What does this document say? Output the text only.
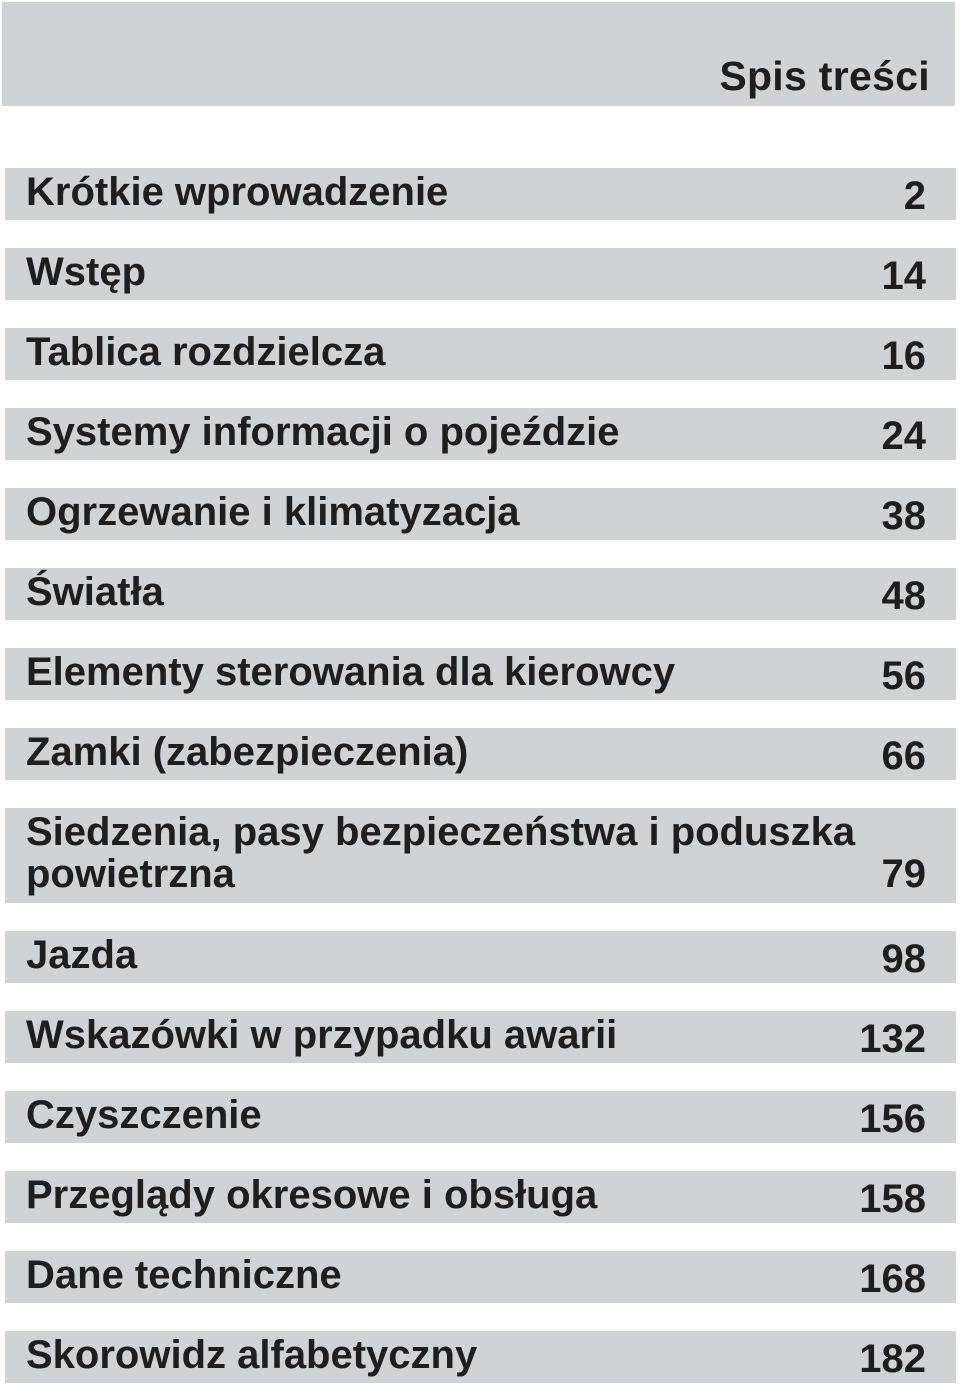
Spis treści
Krótkie wprowadzenie	2
Wstęp	14
Tablica rozdzielcza	16
Systemy informacji o pojeździe	24
Ogrzewanie i klimatyzacja	38
Światła	48
Elementy sterowania dla kierowcy	56
Zamki (zabezpieczenia)	66
Siedzenia, pasy bezpieczeństwa i poduszka
powietrzna	79
Jazda	98
Wskazówki w przypadku awarii	132
Czyszczenie	156
Przeglądy okresowe i obsługa	158
Dane techniczne	168
Skorowidz alfabetyczny	182
